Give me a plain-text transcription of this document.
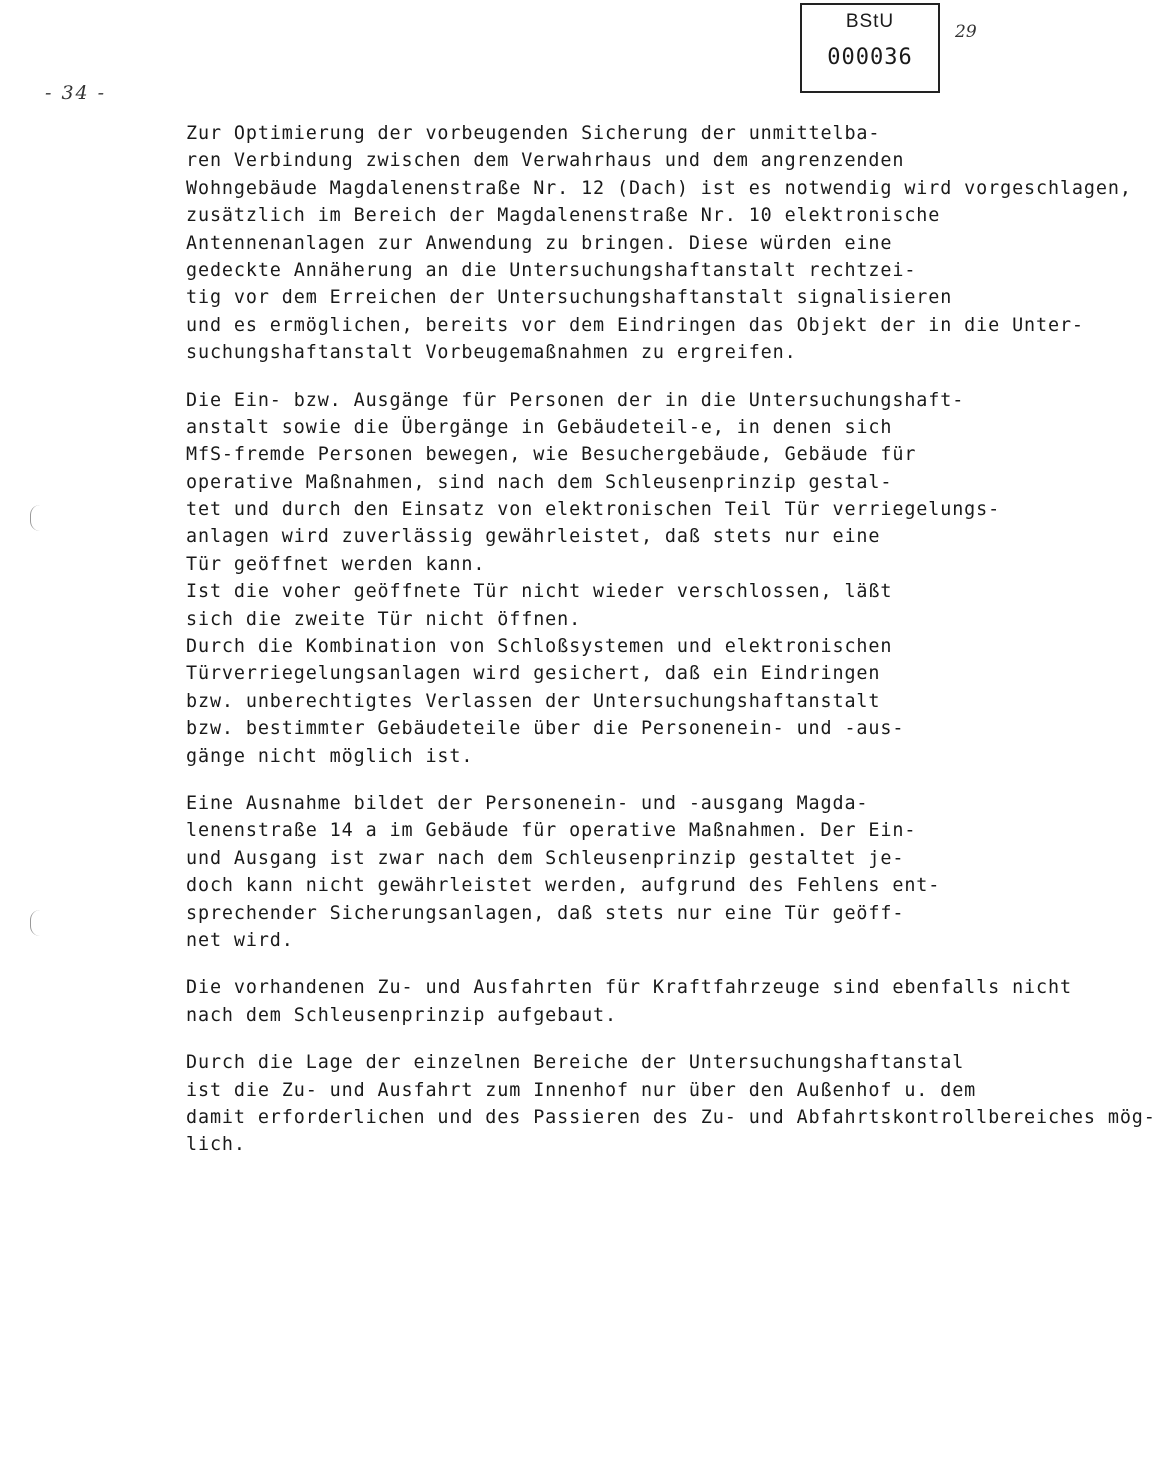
BStU
000036
29
- 34 -
Zur Optimierung der vorbeugenden Sicherung der unmittelba-
ren Verbindung zwischen dem Verwahrhaus und dem angrenzenden
Wohngebäude Magdalenenstraße Nr. 12 (Dach) ist es notwendig wird vorgeschlagen,
zusätzlich im Bereich der Magdalenenstraße Nr. 10 elektronische
Antennenanlagen zur Anwendung zu bringen. Diese würden eine
gedeckte Annäherung an die Untersuchungshaftanstalt rechtzei-
tig vor dem Erreichen der Untersuchungshaftanstalt signalisieren
und es ermöglichen, bereits vor dem Eindringen das Objekt der in die Unter-
suchungshaftanstalt Vorbeugemaßnahmen zu ergreifen.
Die Ein- bzw. Ausgänge für Personen der in die Untersuchungshaft-
anstalt sowie die Übergänge in Gebäudeteil-e, in denen sich
MfS-fremde Personen bewegen, wie Besuchergebäude, Gebäude für
operative Maßnahmen, sind nach dem Schleusenprinzip gestal-
tet und durch den Einsatz von elektronischen Teil Tür verriegelungs-
anlagen wird zuverlässig gewährleistet, daß stets nur eine
Tür geöffnet werden kann.
Ist die voher geöffnete Tür nicht wieder verschlossen, läßt
sich die zweite Tür nicht öffnen.
Durch die Kombination von Schloßsystemen und elektronischen
Türverriegelungsanlagen wird gesichert, daß ein Eindringen
bzw. unberechtigtes Verlassen der Untersuchungshaftanstalt
bzw. bestimmter Gebäudeteile über die Personenein- und -aus-
gänge nicht möglich ist.
Eine Ausnahme bildet der Personenein- und -ausgang Magda-
lenenstraße 14 a im Gebäude für operative Maßnahmen. Der Ein-
und Ausgang ist zwar nach dem Schleusenprinzip gestaltet je-
doch kann nicht gewährleistet werden, aufgrund des Fehlens ent-
sprechender Sicherungsanlagen, daß stets nur eine Tür geöff-
net wird.
Die vorhandenen Zu- und Ausfahrten für Kraftfahrzeuge sind ebenfalls nicht
nach dem Schleusenprinzip aufgebaut.
Durch die Lage der einzelnen Bereiche der Untersuchungshaftanstal
ist die Zu- und Ausfahrt zum Innenhof nur über den Außenhof u. dem
damit erforderlichen und des Passieren des Zu- und Abfahrtskontrollbereiches mög-
lich.
